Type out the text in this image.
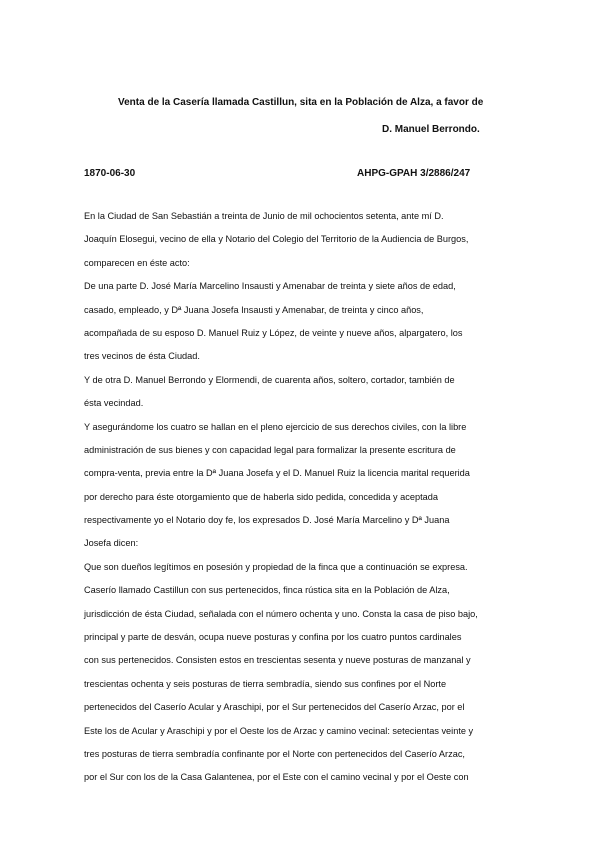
Venta de la Casería llamada Castillun, sita en la Población de Alza, a favor de
D. Manuel Berrondo.
1870-06-30	AHPG-GPAH 3/2886/247
En la Ciudad de San Sebastián a treinta de Junio de mil ochocientos setenta, ante mí D.
Joaquín Elosegui, vecino de ella y Notario del Colegio del Territorio de la Audiencia de Burgos,
comparecen en éste acto:
De una parte D. José María Marcelino Insausti y Amenabar de treinta y siete años de edad,
casado, empleado, y Dª Juana Josefa Insausti y Amenabar, de treinta y cinco años,
acompañada de su esposo D. Manuel Ruiz y López, de veinte y nueve años, alpargatero, los
tres vecinos de ésta Ciudad.
Y de otra D. Manuel Berrondo y Elormendi, de cuarenta años, soltero, cortador, también de
ésta vecindad.
Y asegurándome los cuatro se hallan en el pleno ejercicio de sus derechos civiles, con la libre
administración de sus bienes y con capacidad legal para formalizar la presente escritura de
compra-venta, previa entre la Dª Juana Josefa y el D. Manuel Ruiz la licencia marital requerida
por derecho para éste otorgamiento que de haberla sido pedida, concedida y aceptada
respectivamente yo el Notario doy fe, los expresados D. José María Marcelino y Dª Juana
Josefa dicen:
Que son dueños legítimos en posesión y propiedad de la finca que a continuación se expresa.
Caserío llamado Castillun con sus pertenecidos, finca rústica sita en la Población de Alza,
jurisdicción de ésta Ciudad, señalada con el número ochenta y uno. Consta la casa de piso bajo,
principal y parte de desván, ocupa nueve posturas y confina por los cuatro puntos cardinales
con sus pertenecidos. Consisten estos en trescientas sesenta y nueve posturas de manzanal y
trescientas ochenta y seis posturas de tierra sembradía, siendo sus confines por el Norte
pertenecidos del Caserío Acular y Araschipi, por el Sur pertenecidos del Caserío Arzac, por el
Este los de Acular y Araschipi y por el Oeste los de Arzac y camino vecinal: setecientas veinte y
tres posturas de tierra sembradía confinante por el Norte con pertenecidos del Caserío Arzac,
por el Sur con los de la Casa Galantenea, por el Este con el camino vecinal y por el Oeste con
